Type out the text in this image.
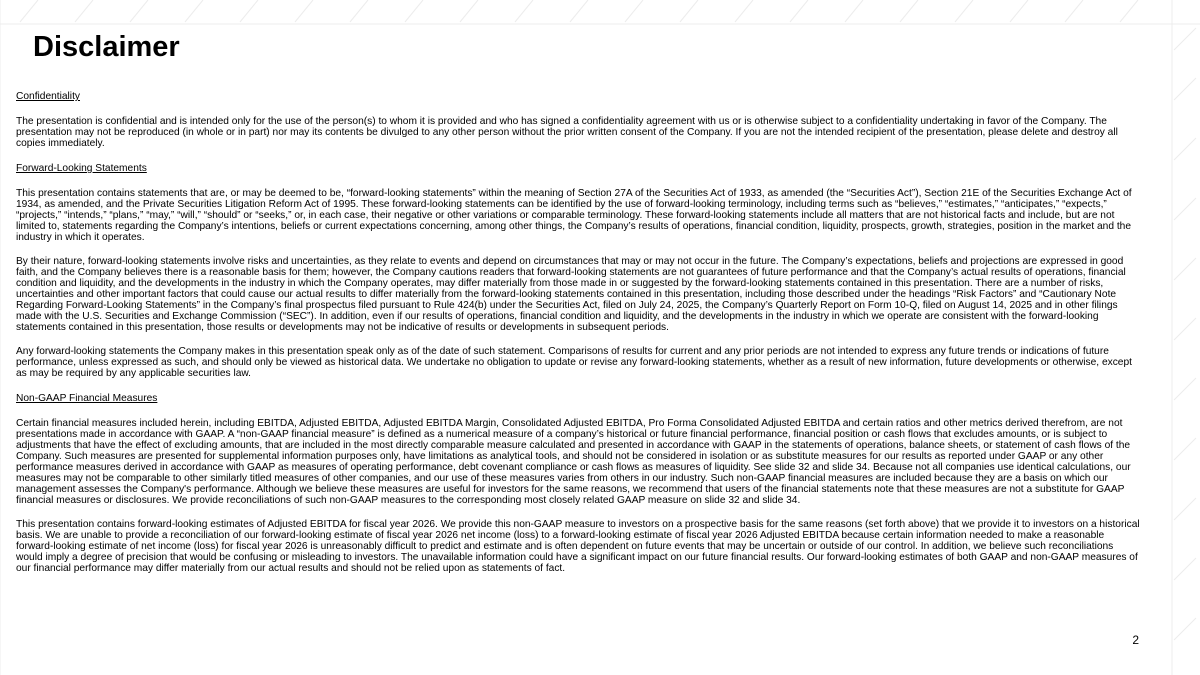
Disclaimer

Confidentiality

The presentation is confidential and is intended only for the use of the person(s) to whom it is provided and who has signed a confidentiality agreement with us or is otherwise subject to a confidentiality undertaking in favor of the Company. The presentation may not be reproduced (in whole or in part) nor may its contents be divulged to any other person without the prior written consent of the Company. If you are not the intended recipient of the presentation, please delete and destroy all copies immediately.

Forward-Looking Statements

This presentation contains statements that are, or may be deemed to be, “forward-looking statements” within the meaning of Section 27A of the Securities Act of 1933, as amended (the “Securities Act”), Section 21E of the Securities Exchange Act of 1934, as amended, and the Private Securities Litigation Reform Act of 1995. These forward-looking statements can be identified by the use of forward-looking terminology, including terms such as “believes,” “estimates,” “anticipates,” “expects,” “projects,” “intends,” “plans,” “may,” “will,” “should” or “seeks,” or, in each case, their negative or other variations or comparable terminology. These forward-looking statements include all matters that are not historical facts and include, but are not limited to, statements regarding the Company’s intentions, beliefs or current expectations concerning, among other things, the Company’s results of operations, financial condition, liquidity, prospects, growth, strategies, position in the market and the industry in which it operates.

By their nature, forward-looking statements involve risks and uncertainties, as they relate to events and depend on circumstances that may or may not occur in the future. The Company’s expectations, beliefs and projections are expressed in good faith, and the Company believes there is a reasonable basis for them; however, the Company cautions readers that forward-looking statements are not guarantees of future performance and that the Company’s actual results of operations, financial condition and liquidity, and the developments in the industry in which the Company operates, may differ materially from those made in or suggested by the forward-looking statements contained in this presentation. There are a number of risks, uncertainties and other important factors that could cause our actual results to differ materially from the forward-looking statements contained in this presentation, including those described under the headings “Risk Factors” and “Cautionary Note Regarding Forward-Looking Statements” in the Company’s final prospectus filed pursuant to Rule 424(b) under the Securities Act, filed on July 24, 2025, the Company’s Quarterly Report on Form 10-Q, filed on August 14, 2025 and in other filings made with the U.S. Securities and Exchange Commission (“SEC”). In addition, even if our results of operations, financial condition and liquidity, and the developments in the industry in which we operate are consistent with the forward-looking statements contained in this presentation, those results or developments may not be indicative of results or developments in subsequent periods.

Any forward-looking statements the Company makes in this presentation speak only as of the date of such statement. Comparisons of results for current and any prior periods are not intended to express any future trends or indications of future performance, unless expressed as such, and should only be viewed as historical data. We undertake no obligation to update or revise any forward-looking statements, whether as a result of new information, future developments or otherwise, except as may be required by any applicable securities law.

Non-GAAP Financial Measures

Certain financial measures included herein, including EBITDA, Adjusted EBITDA, Adjusted EBITDA Margin, Consolidated Adjusted EBITDA, Pro Forma Consolidated Adjusted EBITDA and certain ratios and other metrics derived therefrom, are not presentations made in accordance with GAAP. A “non-GAAP financial measure” is defined as a numerical measure of a company’s historical or future financial performance, financial position or cash flows that excludes amounts, or is subject to adjustments that have the effect of excluding amounts, that are included in the most directly comparable measure calculated and presented in accordance with GAAP in the statements of operations, balance sheets, or statement of cash flows of the Company. Such measures are presented for supplemental information purposes only, have limitations as analytical tools, and should not be considered in isolation or as substitute measures for our results as reported under GAAP or any other performance measures derived in accordance with GAAP as measures of operating performance, debt covenant compliance or cash flows as measures of liquidity. See slide 32 and slide 34. Because not all companies use identical calculations, our measures may not be comparable to other similarly titled measures of other companies, and our use of these measures varies from others in our industry. Such non-GAAP financial measures are included because they are a basis on which our management assesses the Company's performance. Although we believe these measures are useful for investors for the same reasons, we recommend that users of the financial statements note that these measures are not a substitute for GAAP financial measures or disclosures. We provide reconciliations of such non-GAAP measures to the corresponding most closely related GAAP measure on slide 32 and slide 34.

This presentation contains forward-looking estimates of Adjusted EBITDA for fiscal year 2026. We provide this non-GAAP measure to investors on a prospective basis for the same reasons (set forth above) that we provide it to investors on a historical basis. We are unable to provide a reconciliation of our forward-looking estimate of fiscal year 2026 net income (loss) to a forward-looking estimate of fiscal year 2026 Adjusted EBITDA because certain information needed to make a reasonable forward-looking estimate of net income (loss) for fiscal year 2026 is unreasonably difficult to predict and estimate and is often dependent on future events that may be uncertain or outside of our control. In addition, we believe such reconciliations would imply a degree of precision that would be confusing or misleading to investors. The unavailable information could have a significant impact on our future financial results. Our forward-looking estimates of both GAAP and non-GAAP measures of our financial performance may differ materially from our actual results and should not be relied upon as statements of fact.

2
